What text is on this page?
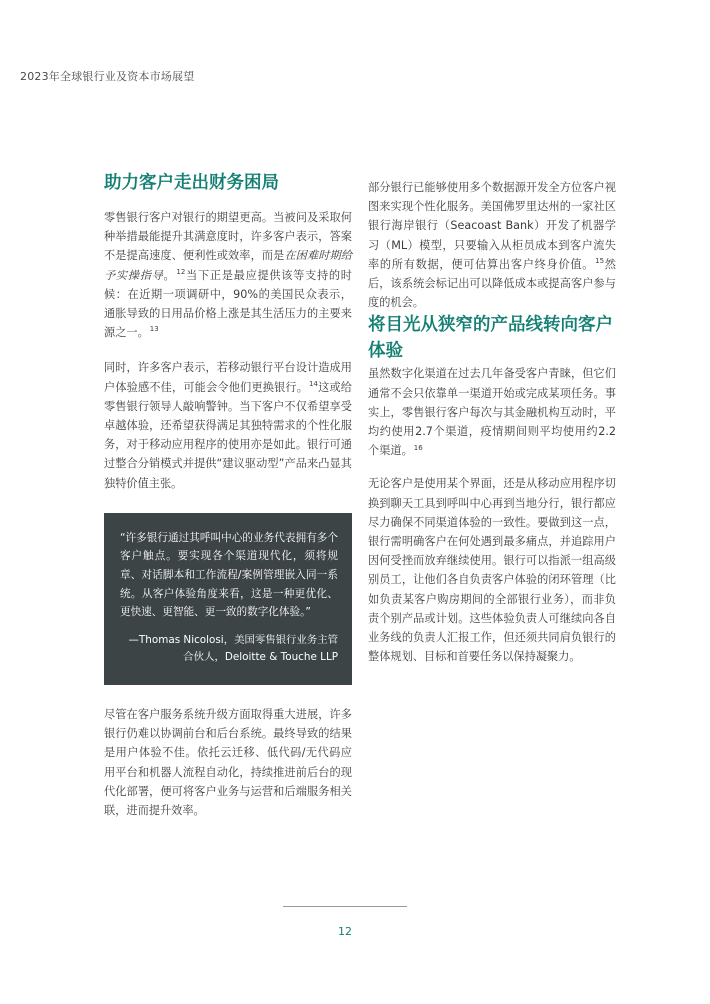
2023年全球银行业及资本市场展望
助力客户走出财务困局

零售银行客户对银行的期望更高。当被问及采取何种举措最能提升其满意度时，许多客户表示，答案不是提高速度、便利性或效率，而是在困难时期给予实操指导。$^{12}$当下正是最应提供该等支持的时候：在近期一项调研中，90%的美国民众表示，通胀导致的日用品价格上涨是其生活压力的主要来源之一。$^{13}$

同时，许多客户表示，若移动银行平台设计造成用户体验感不佳，可能会令他们更换银行。$^{14}$这或给零售银行领导人敲响警钟。当下客户不仅希望享受卓越体验，还希望获得满足其独特需求的个性化服务，对于移动应用程序的使用亦是如此。银行可通过整合分销模式并提供“建议驱动型”产品来凸显其独特价值主张。

“许多银行通过其呼叫中心的业务代表拥有多个客户触点。要实现各个渠道现代化，须将规章、对话脚本和工作流程/案例管理嵌入同一系统。从客户体验角度来看，这是一种更优化、更快速、更智能、更一致的数字化体验。”

—Thomas Nicolosi，美国零售银行业务主管合伙人，Deloitte & Touche LLP

尽管在客户服务系统升级方面取得重大进展，许多银行仍难以协调前台和后台系统。最终导致的结果是用户体验不佳。依托云迁移、低代码/无代码应用平台和机器人流程自动化，持续推进前后台的现代化部署，便可将客户业务与运营和后端服务相关联，进而提升效率。

部分银行已能够使用多个数据源开发全方位客户视图来实现个性化服务。美国佛罗里达州的一家社区银行海岸银行（Seacoast Bank）开发了机器学习（ML）模型，只要输入从柜员成本到客户流失率的所有数据，便可估算出客户终身价值。$^{15}$然后，该系统会标记出可以降低成本或提高客户参与度的机会。

将目光从狭窄的产品线转向客户体验

虽然数字化渠道在过去几年备受客户青睐，但它们通常不会只依靠单一渠道开始或完成某项任务。事实上，零售银行客户每次与其金融机构互动时，平均约使用2.7个渠道，疫情期间则平均使用约2.2个渠道。$^{16}$

无论客户是使用某个界面，还是从移动应用程序切换到聊天工具到呼叫中心再到当地分行，银行都应尽力确保不同渠道体验的一致性。要做到这一点，银行需明确客户在何处遇到最多痛点，并追踪用户因何受挫而放弃继续使用。银行可以指派一组高级别员工，让他们各自负责客户体验的闭环管理（比如负责某客户购房期间的全部银行业务），而非负责个别产品或计划。这些体验负责人可继续向各自业务线的负责人汇报工作，但还须共同肩负银行的整体规划、目标和首要任务以保持凝聚力。

12
